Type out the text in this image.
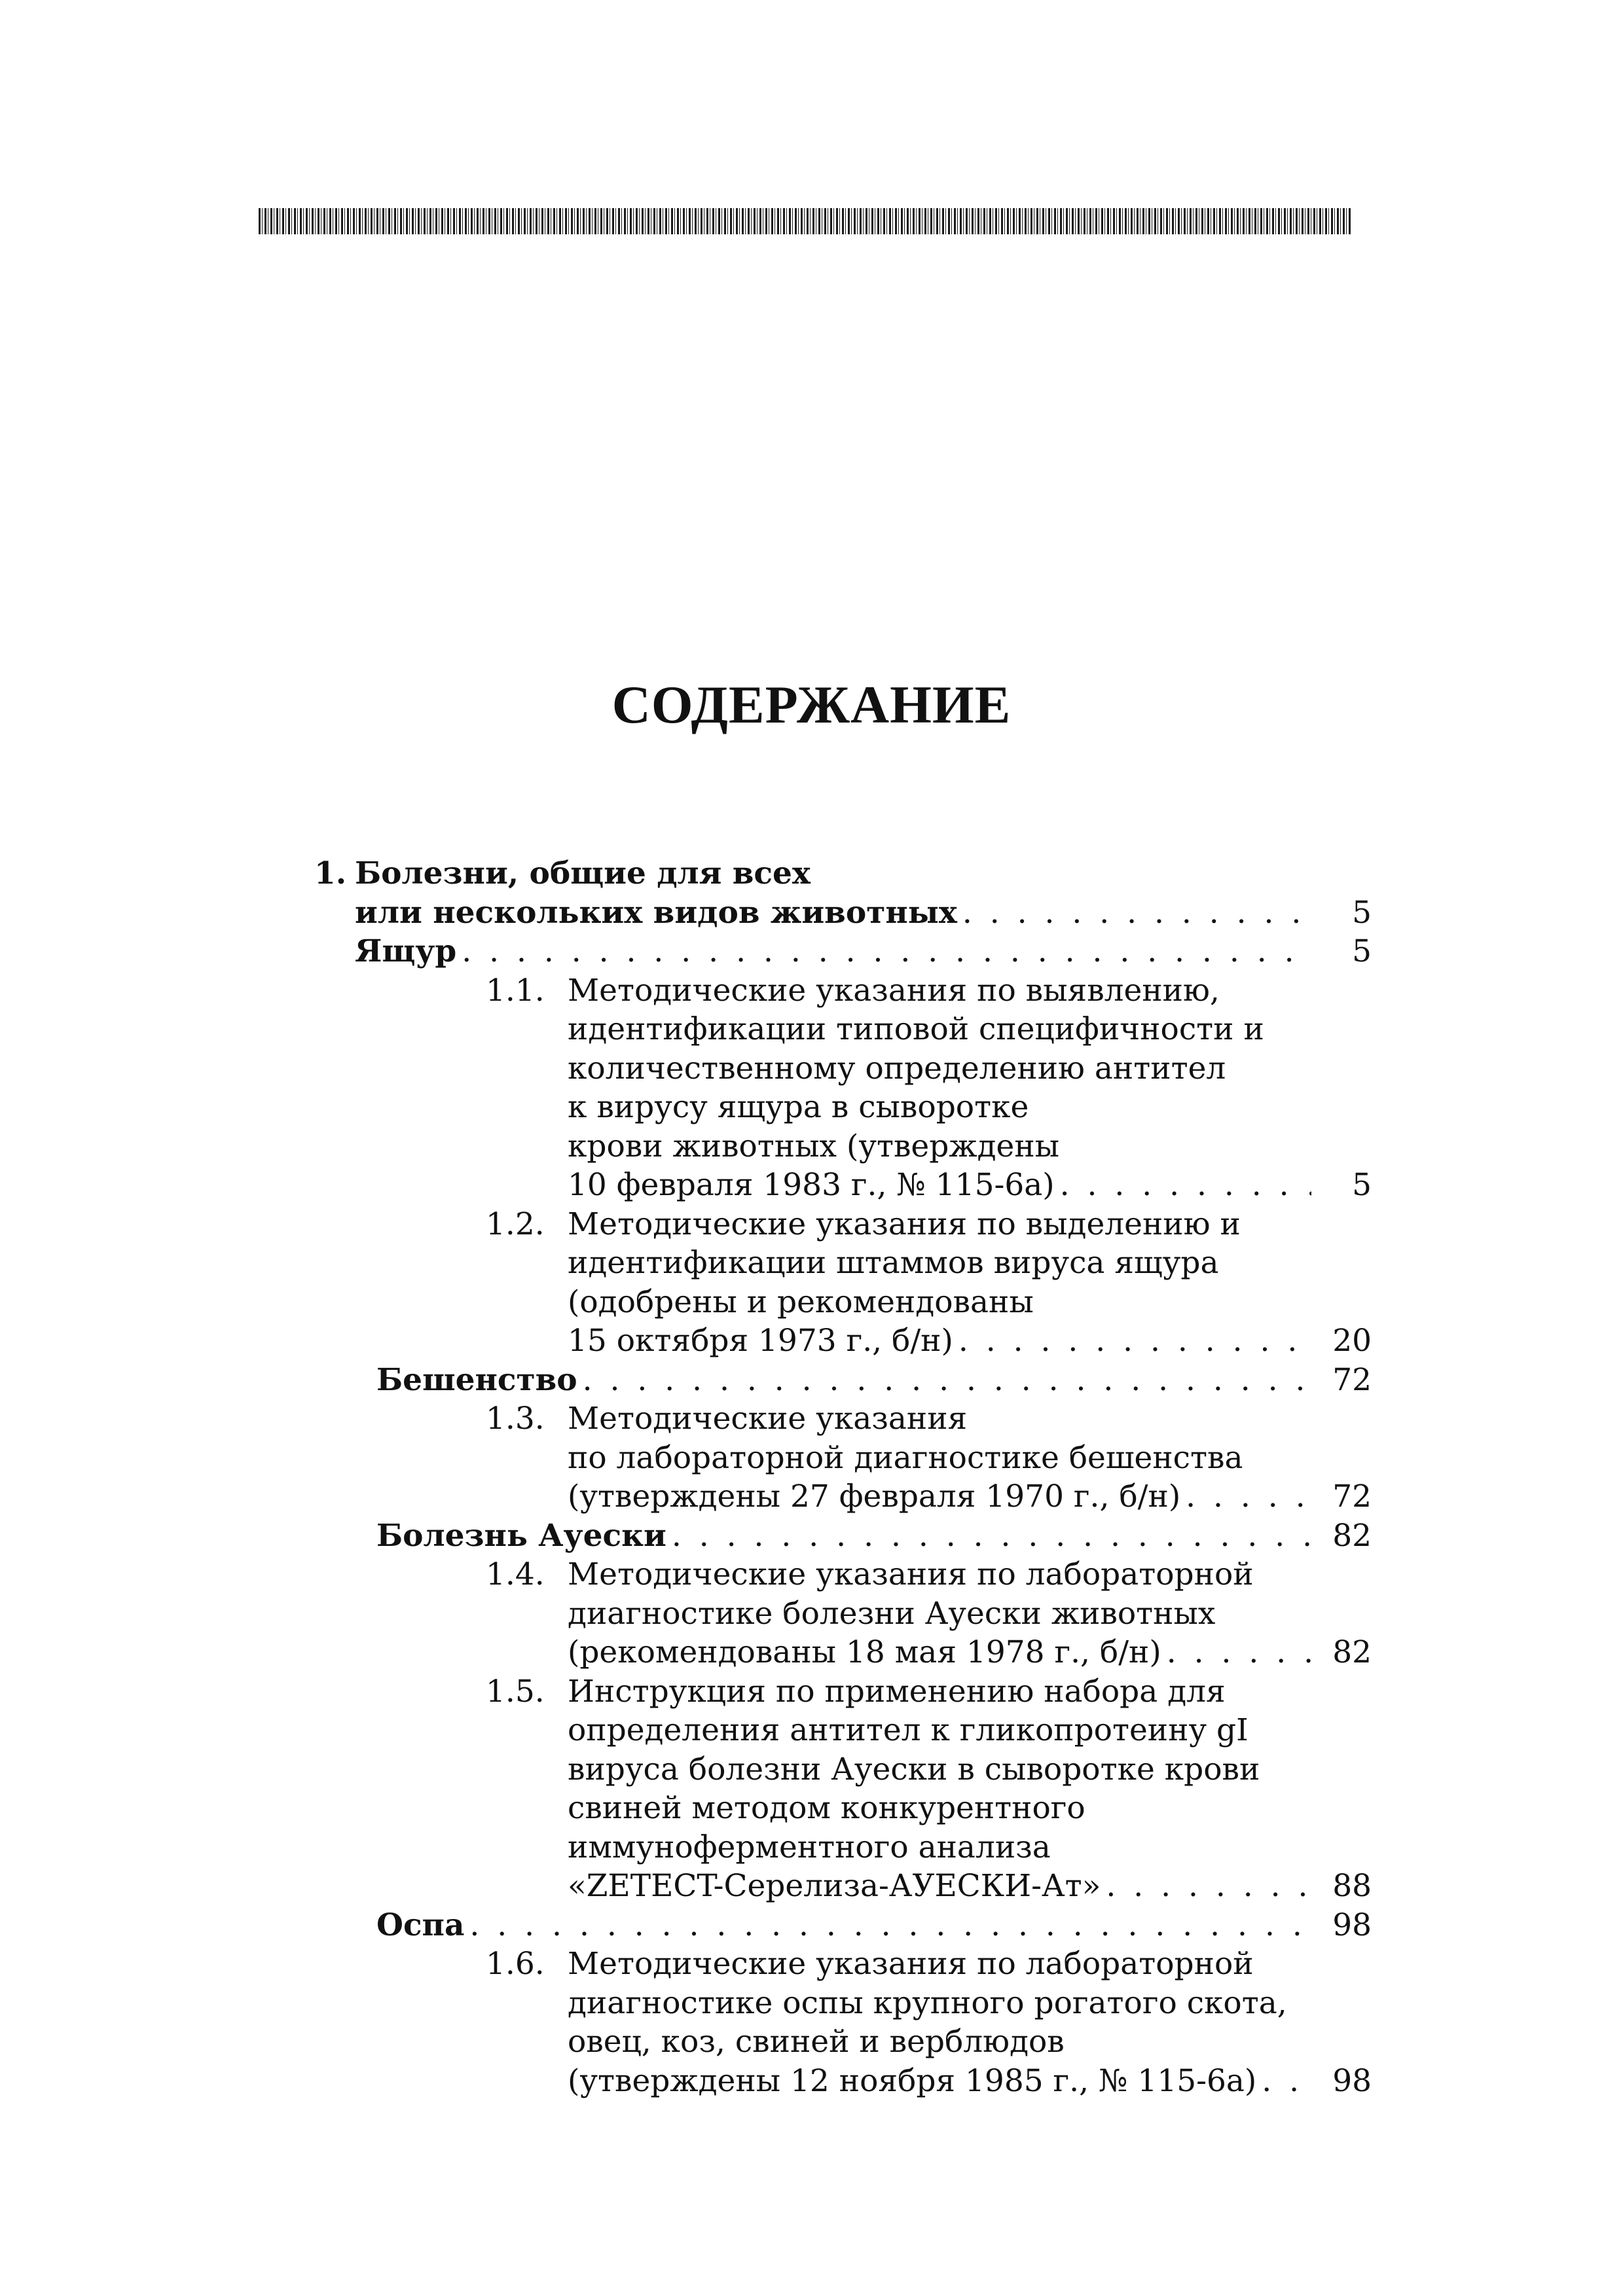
СОДЕРЖАНИЕ
1. Болезни, общие для всех
или нескольких видов животных . . .	5
Ящур . . .	5
1.1. Методические указания по выявлению,
идентификации типовой специфичности и
количественному определению антител
к вирусу ящура в сыворотке
крови животных (утверждены
10 февраля 1983 г., № 115-6а) . . .	5
1.2. Методические указания по выделению и
идентификации штаммов вируса ящура
(одобрены и рекомендованы
15 октября 1973 г., б/н) . . .	20
Бешенство . . .	72
1.3. Методические указания
по лабораторной диагностике бешенства
(утверждены 27 февраля 1970 г., б/н) . . .	72
Болезнь Ауески . . .	82
1.4. Методические указания по лабораторной
диагностике болезни Ауески животных
(рекомендованы 18 мая 1978 г., б/н) . . .	82
1.5. Инструкция по применению набора для
определения антител к гликопротеину gI
вируса болезни Ауески в сыворотке крови
свиней методом конкурентного
иммуноферментного анализа
«ZETECT-Серелиза-АУЕСКИ-Ат» . . .	88
Оспа . . .	98
1.6. Методические указания по лабораторной
диагностике оспы крупного рогатого скота,
овец, коз, свиней и верблюдов
(утверждены 12 ноября 1985 г., № 115-6а) . . .	98
